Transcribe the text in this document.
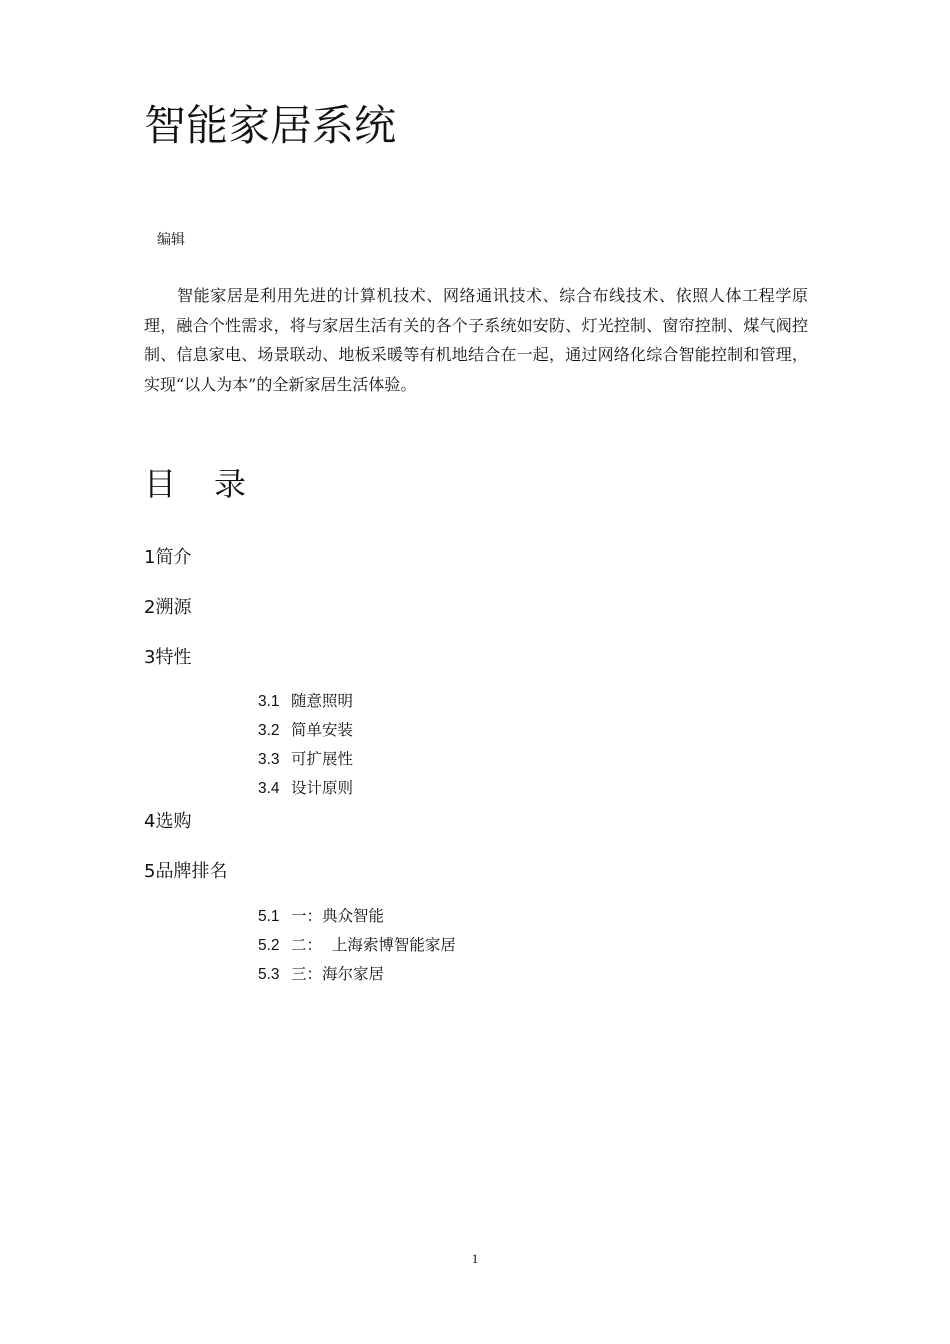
智能家居系统
编辑

智能家居是利用先进的计算机技术、网络通讯技术、综合布线技术、依照人体工程学原理，融合个性需求，将与家居生活有关的各个子系统如安防、灯光控制、窗帘控制、煤气阀控制、信息家电、场景联动、地板采暖等有机地结合在一起，通过网络化综合智能控制和管理，实现“以人为本”的全新家居生活体验。

目录
1简介
2溯源
3特性
3.1 随意照明
3.2 简单安装
3.3 可扩展性
3.4 设计原则
4选购
5品牌排名
5.1 一：典众智能
5.2 二：  上海索博智能家居
5.3 三：海尔家居
1
